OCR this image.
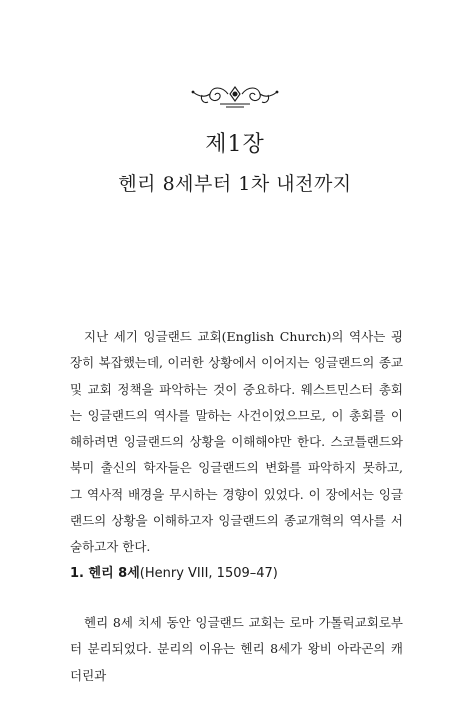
제1장
헨리 8세부터 1차 내전까지

지난 세기 잉글랜드 교회(English Church)의 역사는 굉장히 복잡했는데, 이러한 상황에서 이어지는 잉글랜드의 종교 및 교회 정책을 파악하는 것이 중요하다. 웨스트민스터 총회는 잉글랜드의 역사를 말하는 사건이었으므로, 이 총회를 이해하려면 잉글랜드의 상황을 이해해야만 한다. 스코틀랜드와 북미 출신의 학자들은 잉글랜드의 변화를 파악하지 못하고, 그 역사적 배경을 무시하는 경향이 있었다. 이 장에서는 잉글랜드의 상황을 이해하고자 잉글랜드의 종교개혁의 역사를 서술하고자 한다.

1. 헨리 8세(Henry VIII, 1509–47)

헨리 8세 치세 동안 잉글랜드 교회는 로마 가톨릭교회로부터 분리되었다. 분리의 이유는 헨리 8세가 왕비 아라곤의 캐더린과
